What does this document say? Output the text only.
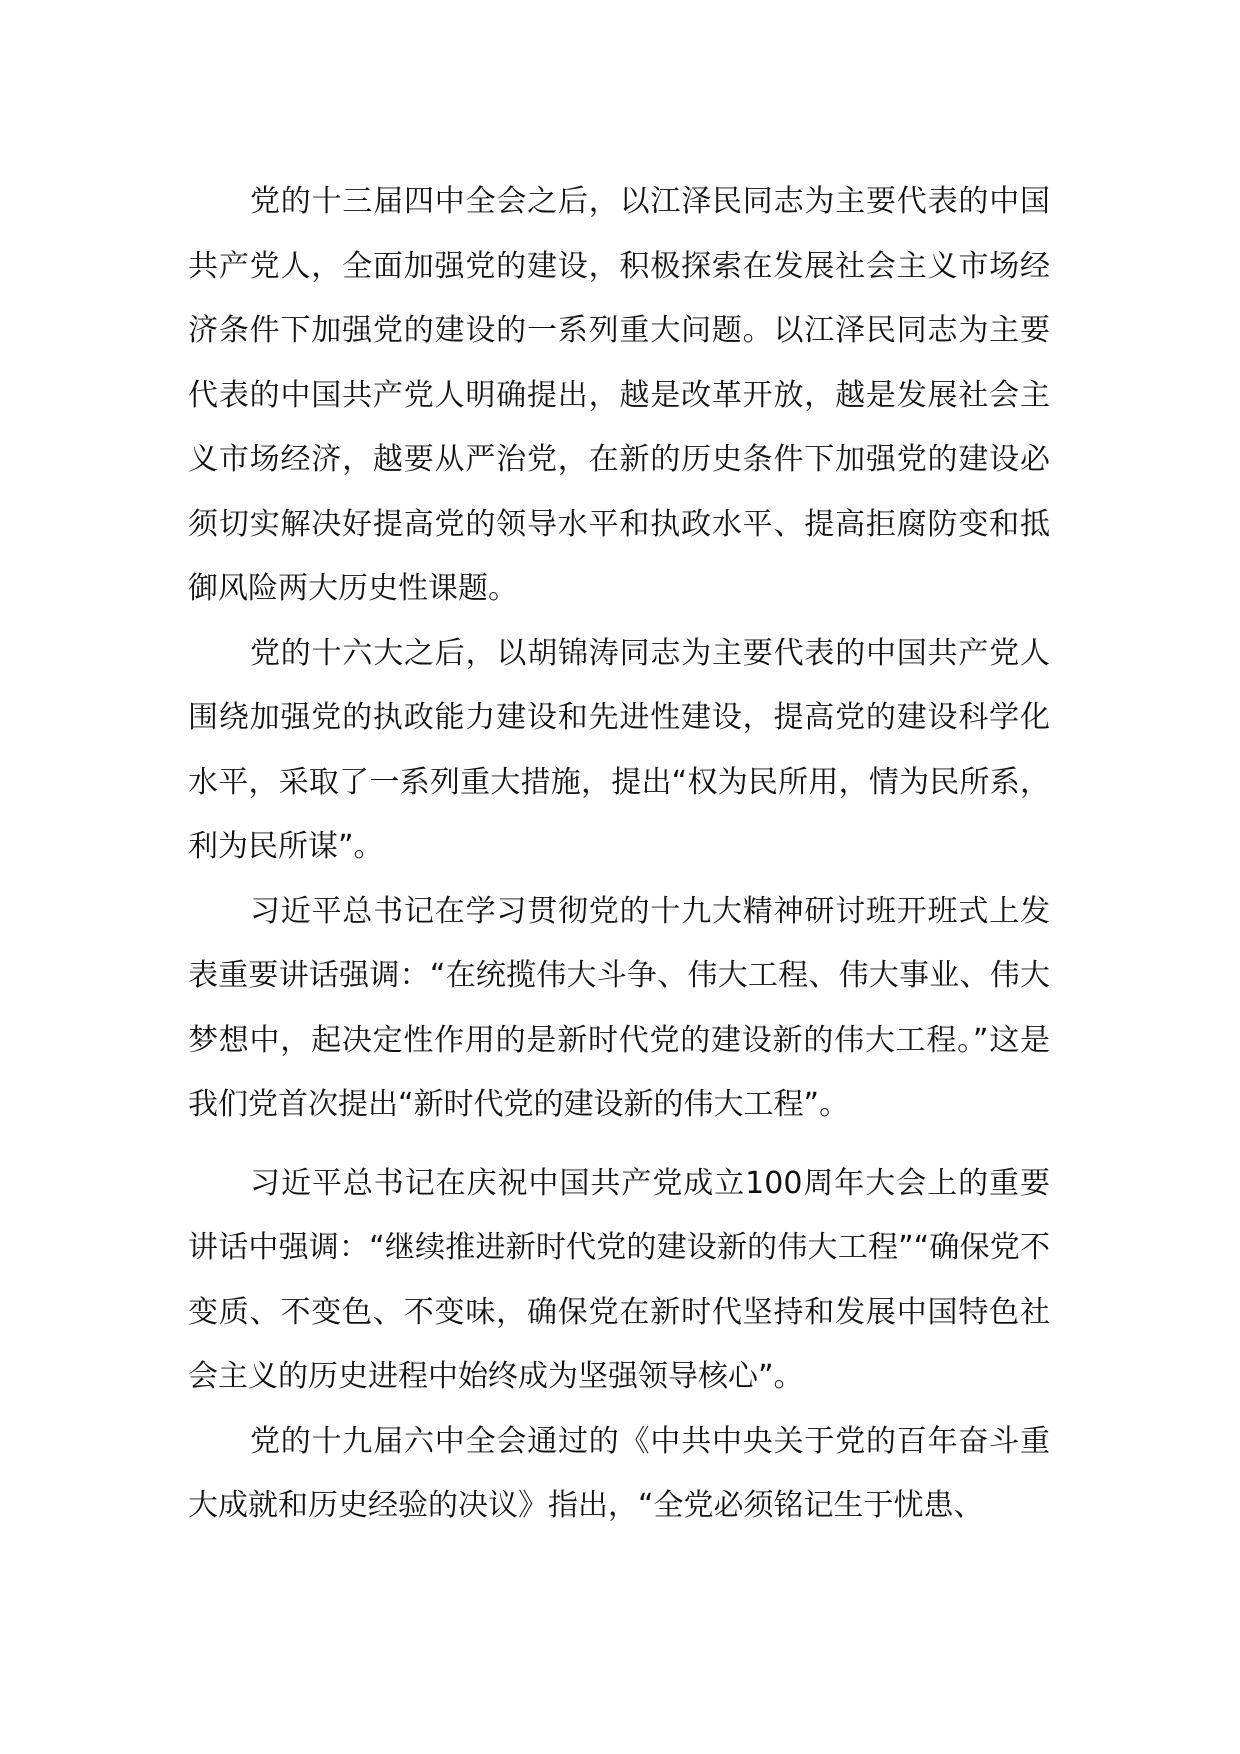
党的十三届四中全会之后，以江泽民同志为主要代表的中国共产党人，全面加强党的建设，积极探索在发展社会主义市场经济条件下加强党的建设的一系列重大问题。以江泽民同志为主要代表的中国共产党人明确提出，越是改革开放，越是发展社会主义市场经济，越要从严治党，在新的历史条件下加强党的建设必须切实解决好提高党的领导水平和执政水平、提高拒腐防变和抵御风险两大历史性课题。

党的十六大之后，以胡锦涛同志为主要代表的中国共产党人围绕加强党的执政能力建设和先进性建设，提高党的建设科学化水平，采取了一系列重大措施，提出“权为民所用，情为民所系，利为民所谋”。

习近平总书记在学习贯彻党的十九大精神研讨班开班式上发表重要讲话强调：“在统揽伟大斗争、伟大工程、伟大事业、伟大梦想中，起决定性作用的是新时代党的建设新的伟大工程。”这是我们党首次提出“新时代党的建设新的伟大工程”。

习近平总书记在庆祝中国共产党成立100周年大会上的重要讲话中强调：“继续推进新时代党的建设新的伟大工程”“确保党不变质、不变色、不变味，确保党在新时代坚持和发展中国特色社会主义的历史进程中始终成为坚强领导核心”。

党的十九届六中全会通过的《中共中央关于党的百年奋斗重大成就和历史经验的决议》指出，“全党必须铭记生于忧患、
